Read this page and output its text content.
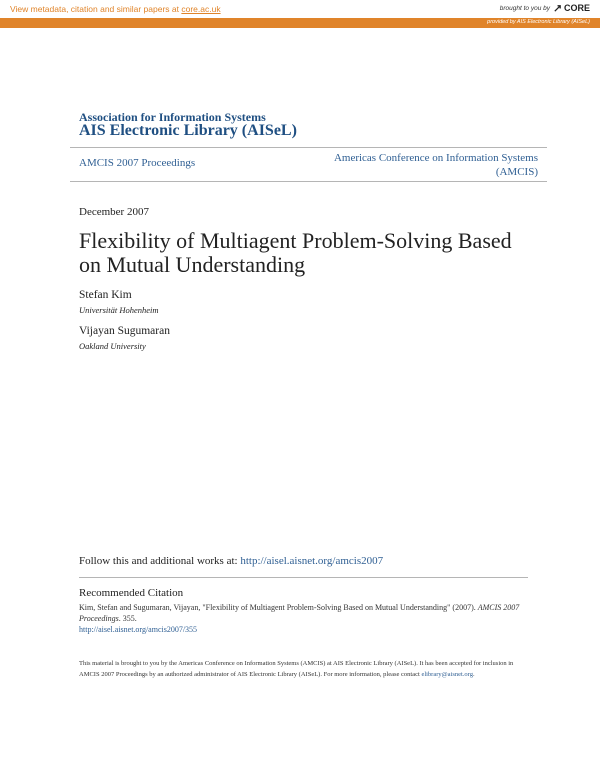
View metadata, citation and similar papers at core.ac.uk	brought to you by CORE
provided by AIS Electronic Library (AISeL)
Association for Information Systems
AIS Electronic Library (AISeL)
AMCIS 2007 Proceedings	Americas Conference on Information Systems (AMCIS)
December 2007
Flexibility of Multiagent Problem-Solving Based on Mutual Understanding
Stefan Kim
Universität Hohenheim
Vijayan Sugumaran
Oakland University
Follow this and additional works at: http://aisel.aisnet.org/amcis2007
Recommended Citation
Kim, Stefan and Sugumaran, Vijayan, "Flexibility of Multiagent Problem-Solving Based on Mutual Understanding" (2007). AMCIS 2007 Proceedings. 355.
http://aisel.aisnet.org/amcis2007/355
This material is brought to you by the Americas Conference on Information Systems (AMCIS) at AIS Electronic Library (AISeL). It has been accepted for inclusion in AMCIS 2007 Proceedings by an authorized administrator of AIS Electronic Library (AISeL). For more information, please contact elibrary@aisnet.org.
